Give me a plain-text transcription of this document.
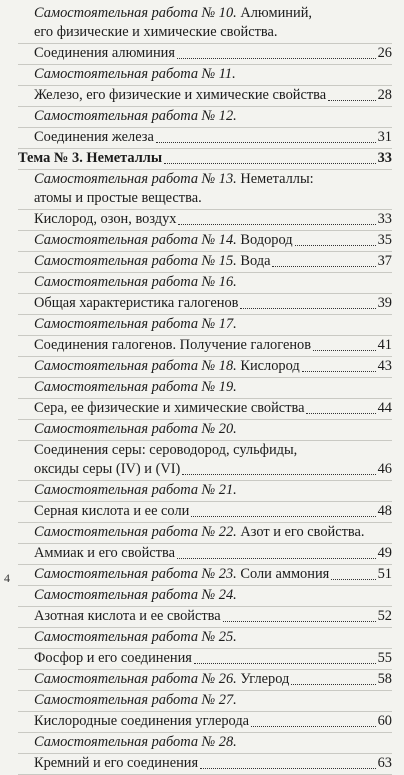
Самостоятельная работа № 10. Алюминий,
его физические и химические свойства.
Соединения алюминия	26
Самостоятельная работа № 11.
Железо, его физические и химические свойства	28
Самостоятельная работа № 12.
Соединения железа	31
Тема № 3. Неметаллы	33
Самостоятельная работа № 13. Неметаллы:
атомы и простые вещества.
Кислород, озон, воздух	33
Самостоятельная работа № 14. Водород	35
Самостоятельная работа № 15. Вода	37
Самостоятельная работа № 16.
Общая характеристика галогенов	39
Самостоятельная работа № 17.
Соединения галогенов. Получение галогенов	41
Самостоятельная работа № 18. Кислород	43
Самостоятельная работа № 19.
Сера, ее физические и химические свойства	44
Самостоятельная работа № 20.
Соединения серы: сероводород, сульфиды,
оксиды серы (IV) и (VI)	46
Самостоятельная работа № 21.
Серная кислота и ее соли	48
Самостоятельная работа № 22. Азот и его свойства.
Аммиак и его свойства	49
Самостоятельная работа № 23. Соли аммония	51
Самостоятельная работа № 24.
Азотная кислота и ее свойства	52
Самостоятельная работа № 25.
Фосфор и его соединения	55
Самостоятельная работа № 26. Углерод	58
Самостоятельная работа № 27.
Кислородные соединения углерода	60
Самостоятельная работа № 28.
Кремний и его соединения	63
4
